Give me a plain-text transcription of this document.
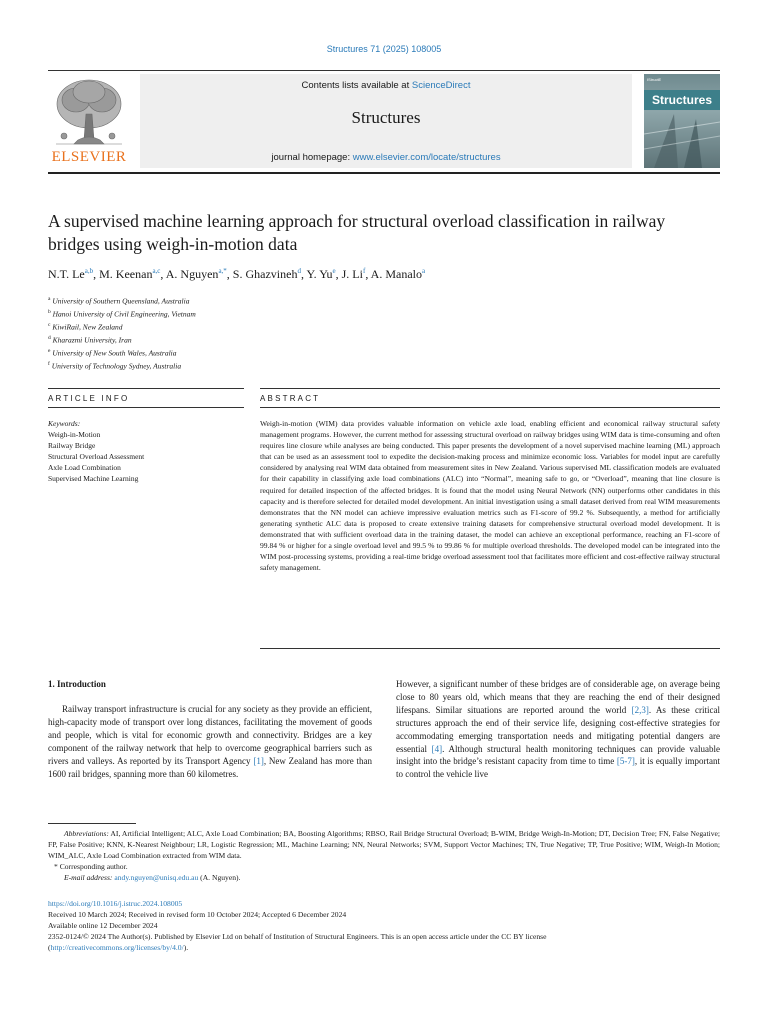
Structures 71 (2025) 108005
ELSEVIER
Contents lists available at ScienceDirect
Structures
journal homepage: www.elsevier.com/locate/structures
IStructE
Structures
A supervised machine learning approach for structural overload classification in railway bridges using weigh-in-motion data
N.T. Le$^{a,b}$, M. Keenan$^{a,c}$, A. Nguyen$^{a,*}$, S. Ghazvineh$^d$, Y. Yu$^e$, J. Li$^f$, A. Manalo$^a$
$^a$ University of Southern Queensland, Australia
$^b$ Hanoi University of Civil Engineering, Vietnam
$^c$ KiwiRail, New Zealand
$^d$ Kharazmi University, Iran
$^e$ University of New South Wales, Australia
$^f$ University of Technology Sydney, Australia
ARTICLE INFO	ABSTRACT
Keywords:
Weigh-in-Motion
Railway Bridge
Structural Overload Assessment
Axle Load Combination
Supervised Machine Learning
Weigh-in-motion (WIM) data provides valuable information on vehicle axle load, enabling efficient and economical railway structural safety management programs. However, the current method for assessing structural overload on railway bridges using WIM data is time-consuming and often requires line closure while analyses are being conducted. This paper presents the development of a novel supervised machine learning (ML) approach that can be used as an assessment tool to expedite the decision-making process and minimize economic loss. Variables for model input are carefully considered by analysing real WIM data obtained from measurement sites in New Zealand. Various supervised ML classification models are evaluated for their capability in classifying axle load combinations (ALC) into “Normal”, meaning safe to go, or “Overload”, meaning that line closure is required for detailed inspection of the affected bridges. It is found that the model using Neural Network (NN) outperforms other candidates in this capacity and is therefore selected for detailed model development. An initial investigation using a small dataset derived from real WIM measurements demonstrates that the NN model can achieve impressive evaluation metrics such as F1-score of 99.2 %. Subsequently, a method for artificially generating synthetic ALC data is proposed to create extensive training datasets for comprehensive structural overload model development. It is demonstrated that with sufficient overload data in the training dataset, the model can achieve an exceptional performance, reaching an F1-score of 99.84 % or higher for a single overload level and 99.5 % to 99.86 % for multiple overload thresholds. The developed model can be integrated into the WIM post-processing systems, providing a real-time bridge overload assessment tool that facilitates more efficient and cost-effective railway structural safety management.
1. Introduction
Railway transport infrastructure is crucial for any society as they provide an efficient, high-capacity mode of transport over long distances, facilitating the movement of goods and people, which is vital for economic growth and connectivity. Bridges are a key component of the railway network that help to overcome geographical barriers such as rivers and valleys. As reported by its Transport Agency [1], New Zealand has more than 1600 rail bridges, spanning more than 60 kilometres.
However, a significant number of these bridges are of considerable age, on average being close to 80 years old, which means that they are reaching the end of their designed lifespans. Similar situations are reported around the world [2,3]. As these critical structures approach the end of their service life, designing cost-effective strategies for accommodating emerging transportation needs and mitigating potential dangers are essential [4]. Although structural health monitoring techniques can provide valuable insight into the bridge’s resistant capacity from time to time [5-7], it is equally important to control the vehicle live
Abbreviations: AI, Artificial Intelligent; ALC, Axle Load Combination; BA, Boosting Algorithms; RBSO, Rail Bridge Structural Overload; B-WIM, Bridge Weigh-In-Motion; DT, Decision Tree; FN, False Negative; FP, False Positive; KNN, K-Nearest Neighbour; LR, Logistic Regression; ML, Machine Learning; NN, Neural Networks; SVM, Support Vector Machines; TN, True Negative; TP, True Positive; WIM, Weigh-In Motion; WIM_ALC, Axle Load Combination extracted from WIM data.
* Corresponding author.
E-mail address: andy.nguyen@unisq.edu.au (A. Nguyen).
https://doi.org/10.1016/j.istruc.2024.108005
Received 10 March 2024; Received in revised form 10 October 2024; Accepted 6 December 2024
Available online 12 December 2024
2352-0124/© 2024 The Author(s). Published by Elsevier Ltd on behalf of Institution of Structural Engineers. This is an open access article under the CC BY license
(http://creativecommons.org/licenses/by/4.0/).
